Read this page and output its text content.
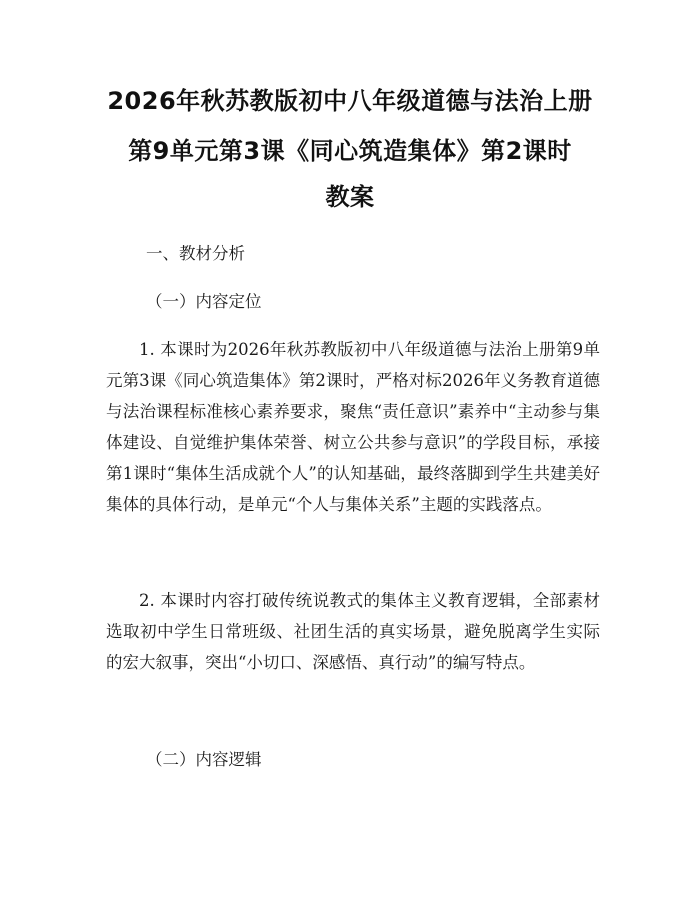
2026年秋苏教版初中八年级道德与法治上册
第9单元第3课《同心筑造集体》第2课时
教案
一、教材分析
（一）内容定位
1. 本课时为2026年秋苏教版初中八年级道德与法治上册第9单元第3课《同心筑造集体》第2课时，严格对标2026年义务教育道德与法治课程标准核心素养要求，聚焦“责任意识”素养中“主动参与集体建设、自觉维护集体荣誉、树立公共参与意识”的学段目标，承接第1课时“集体生活成就个人”的认知基础，最终落脚到学生共建美好集体的具体行动，是单元“个人与集体关系”主题的实践落点。
2. 本课时内容打破传统说教式的集体主义教育逻辑，全部素材选取初中学生日常班级、社团生活的真实场景，避免脱离学生实际的宏大叙事，突出“小切口、深感悟、真行动”的编写特点。
（二）内容逻辑
